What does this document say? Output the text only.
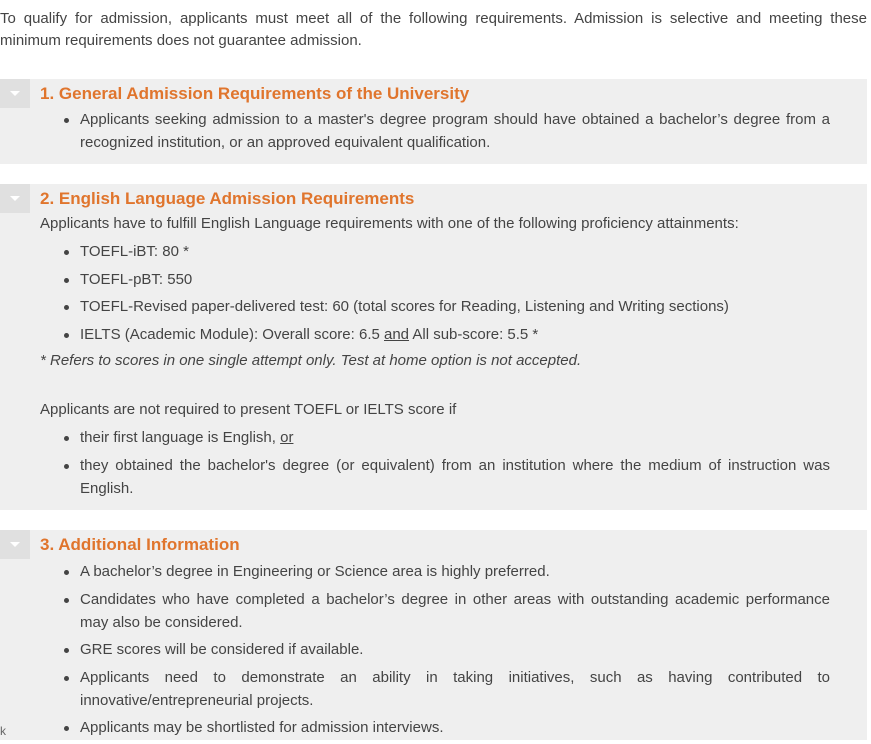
To qualify for admission, applicants must meet all of the following requirements. Admission is selective and meeting these minimum requirements does not guarantee admission.

1. General Admission Requirements of the University
Applicants seeking admission to a master's degree program should have obtained a bachelor’s degree from a recognized institution, or an approved equivalent qualification.
2. English Language Admission Requirements

Applicants have to fulfill English Language requirements with one of the following proficiency attainments:

TOEFL-iBT: 80 *
TOEFL-pBT: 550
TOEFL-Revised paper-delivered test: 60 (total scores for Reading, Listening and Writing sections)
IELTS (Academic Module): Overall score: 6.5 and All sub-score: 5.5 *

* Refers to scores in one single attempt only. Test at home option is not accepted.

Applicants are not required to present TOEFL or IELTS score if

their first language is English, or
they obtained the bachelor's degree (or equivalent) from an institution where the medium of instruction was English.
3. Additional Information
A bachelor’s degree in Engineering or Science area is highly preferred.
Candidates who have completed a bachelor’s degree in other areas with outstanding academic performance may also be considered.
GRE scores will be considered if available.
Applicants need to demonstrate an ability in taking initiatives, such as having contributed to innovative/entrepreneurial projects.
Applicants may be shortlisted for admission interviews.
k
